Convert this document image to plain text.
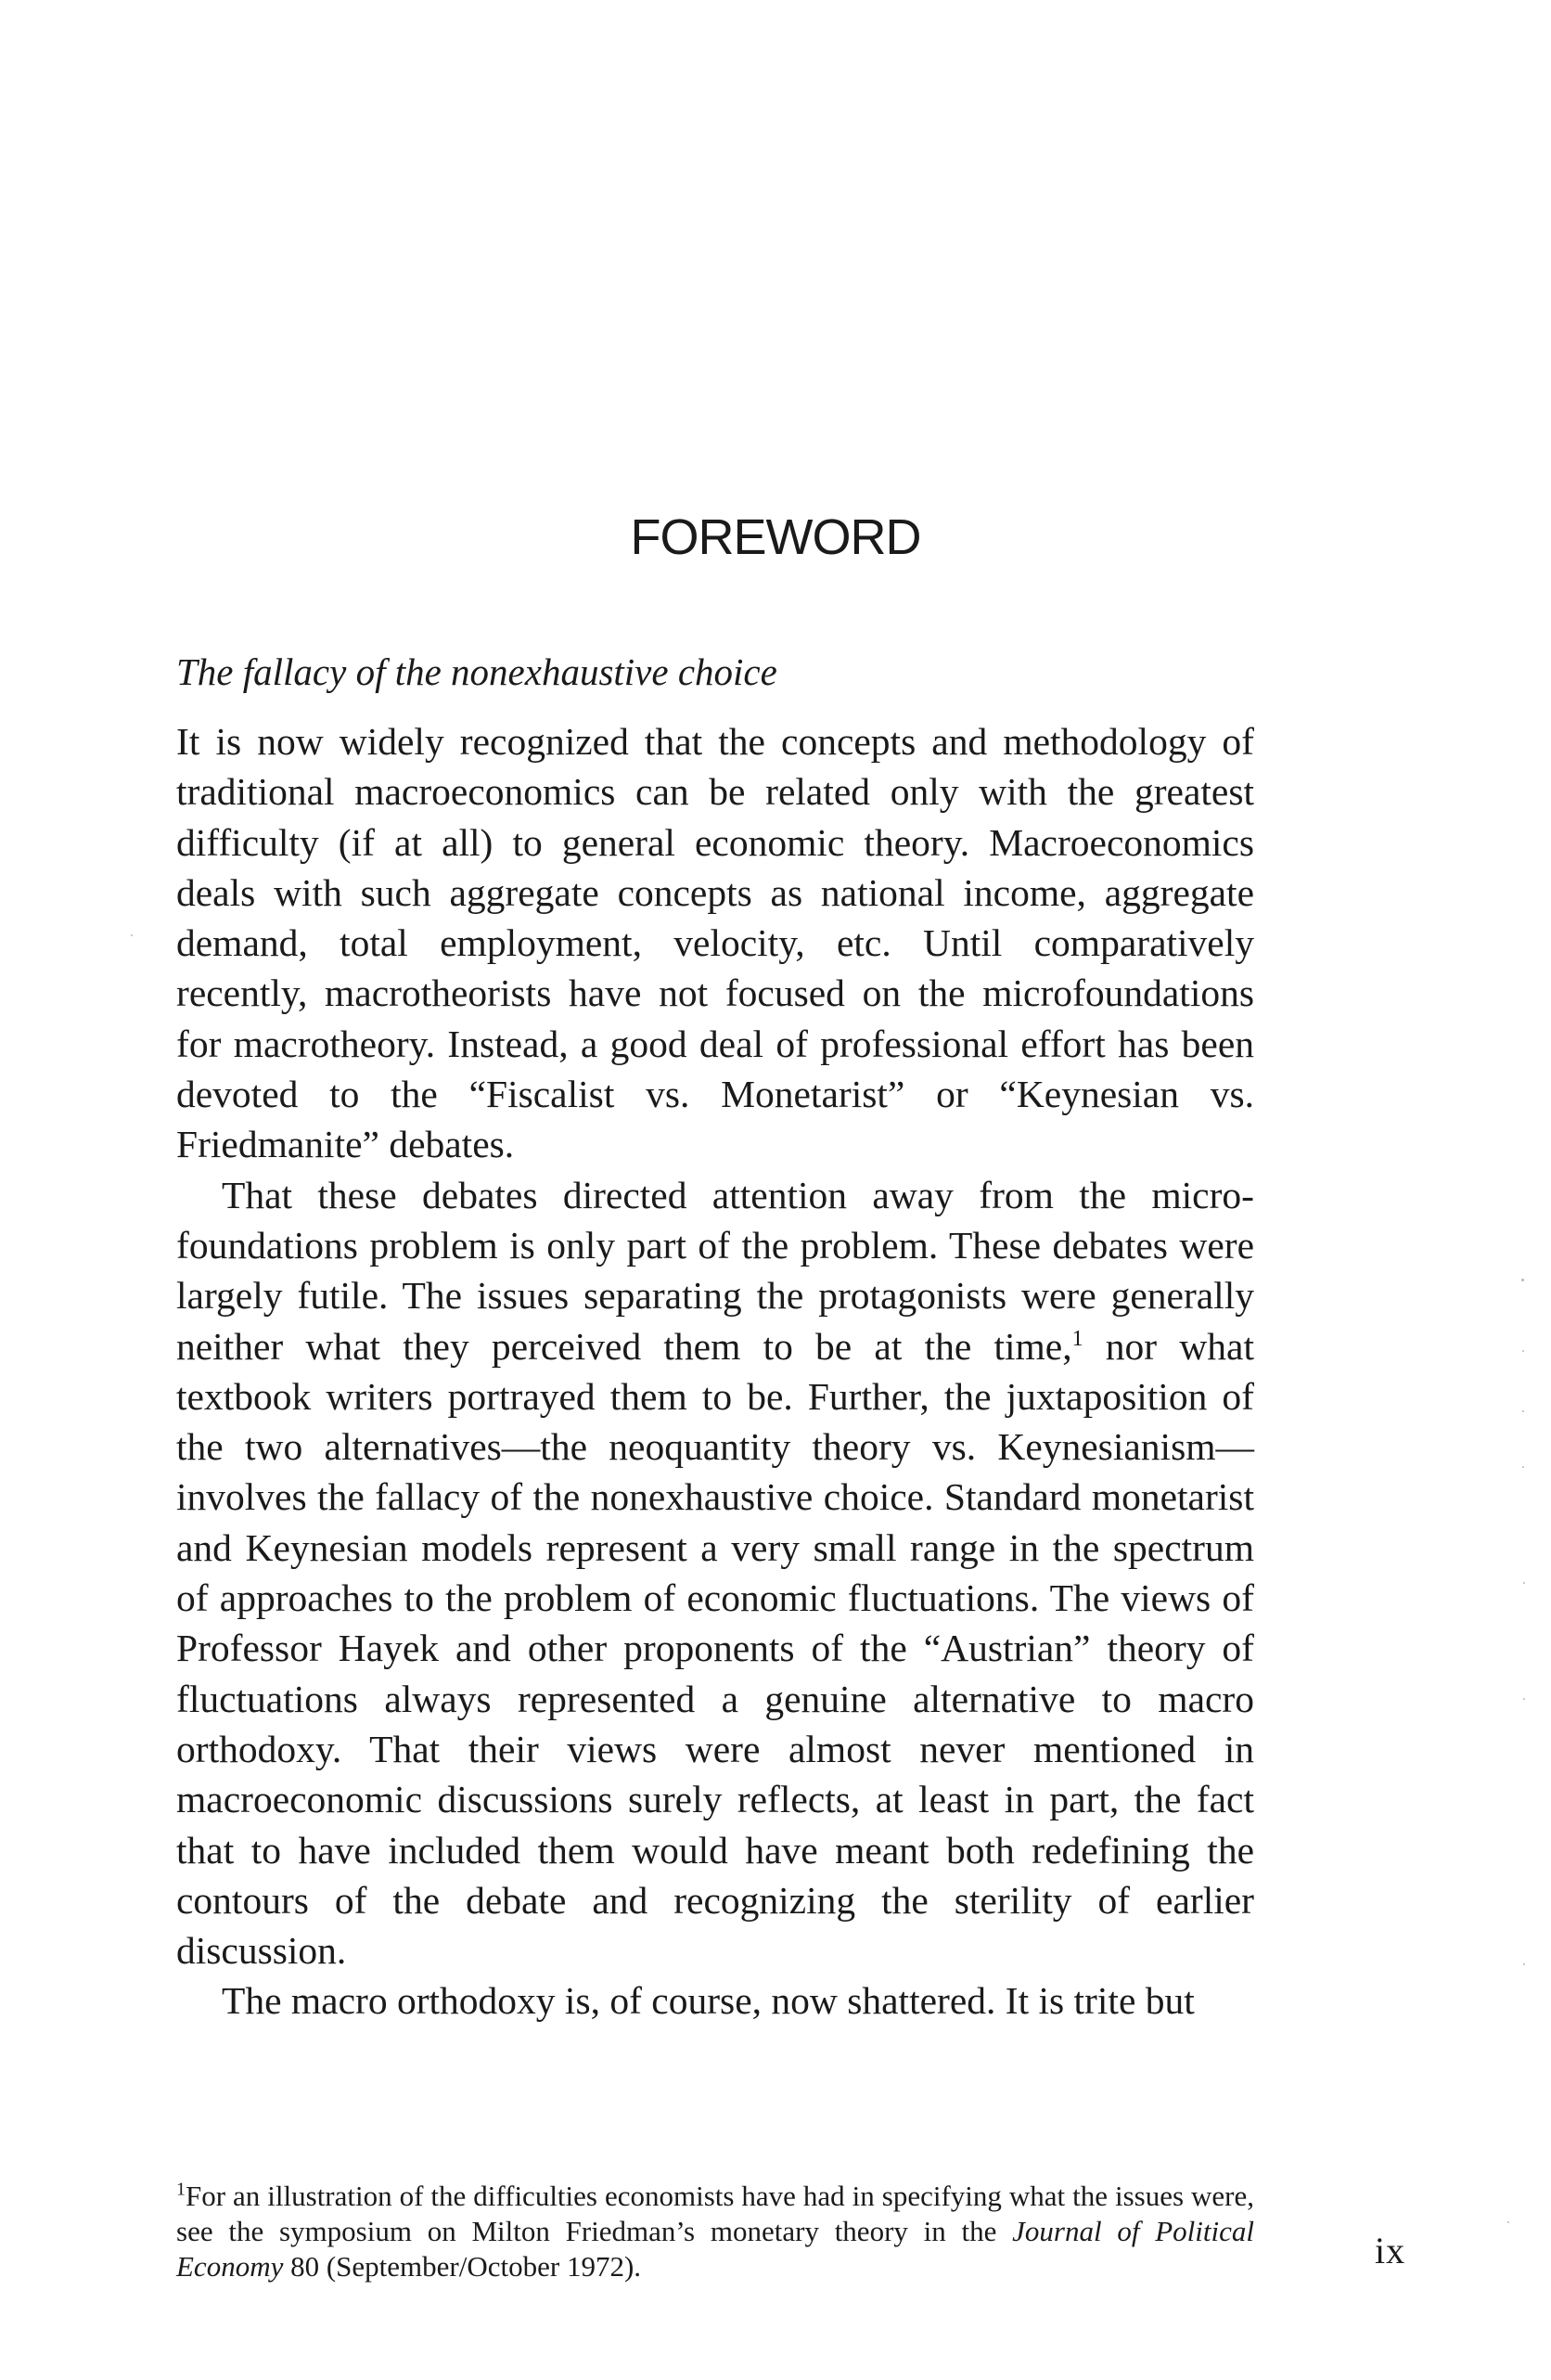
FOREWORD
The fallacy of the nonexhaustive choice

It is now widely recognized that the concepts and methodology of traditional macroeconomics can be related only with the greatest difficulty (if at all) to general economic theory. Macroeconomics deals with such aggregate concepts as national income, aggregate demand, total employment, velocity, etc. Until comparatively recently, macrotheorists have not focused on the microfoundations for macrotheory. Instead, a good deal of professional effort has been devoted to the “Fiscalist vs. Monetarist” or “Keynesian vs. Friedmanite” debates.

That these debates directed attention away from the microfoundations problem is only part of the problem. These debates were largely futile. The issues separating the protagonists were generally neither what they perceived them to be at the time,$^1$ nor what textbook writers portrayed them to be. Further, the juxtaposition of the two alternatives—the neoquantity theory vs. Keynesianism—involves the fallacy of the nonexhaustive choice. Standard monetarist and Keynesian models represent a very small range in the spectrum of approaches to the problem of economic fluctuations. The views of Professor Hayek and other proponents of the “Austrian” theory of fluctuations always represented a genuine alternative to macro orthodoxy. That their views were almost never mentioned in macroeconomic discussions surely reflects, at least in part, the fact that to have included them would have meant both redefining the contours of the debate and recognizing the sterility of earlier discussion.

The macro orthodoxy is, of course, now shattered. It is trite but

$^1$For an illustration of the difficulties economists have had in specifying what the issues were, see the symposium on Milton Friedman’s monetary theory in the Journal of Political Economy 80 (September/October 1972).	ix
